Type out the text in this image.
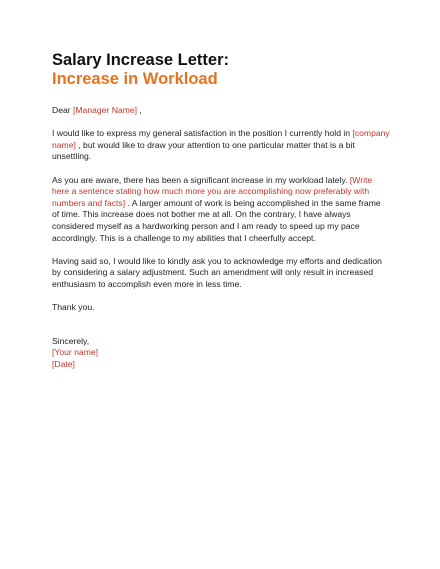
Salary Increase Letter:
Increase in Workload

Dear [Manager Name] ,

I would like to express my general satisfaction in the position I currently hold in [company name] , but would like to draw your attention to one particular matter that is a bit unsettling.

As you are aware, there has been a significant increase in my workload lately. [Write here a sentence stating how much more you are accomplishing now preferably with numbers and facts] . A larger amount of work is being accomplished in the same frame of time. This increase does not bother me at all. On the contrary, I have always considered myself as a hardworking person and I am ready to speed up my pace accordingly. This is a challenge to my abilities that I cheerfully accept.

Having said so, I would like to kindly ask you to acknowledge my efforts and dedication by considering a salary adjustment. Such an amendment will only result in increased enthusiasm to accomplish even more in less time.

Thank you.

Sincerely,
[Your name]
[Date]
